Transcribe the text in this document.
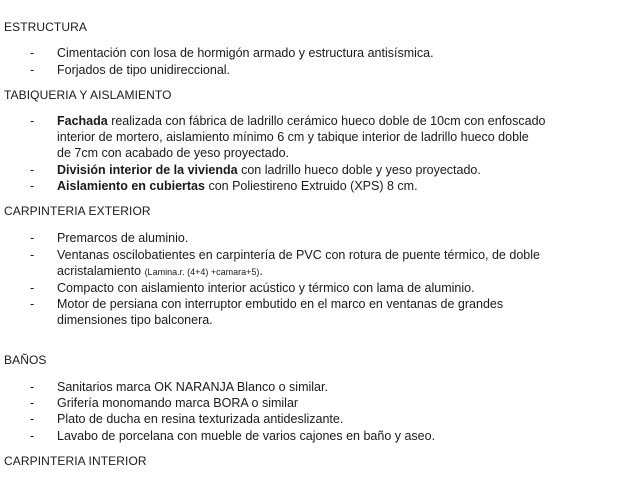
ESTRUCTURA
- Cimentación con losa de hormigón armado y estructura antisísmica.
- Forjados de tipo unidireccional.
TABIQUERIA Y AISLAMIENTO
- Fachada realizada con fábrica de ladrillo cerámico hueco doble de 10cm con enfoscado
interior de mortero, aislamiento mínimo 6 cm y tabique interior de ladrillo hueco doble
de 7cm con acabado de yeso proyectado.
- División interior de la vivienda con ladrillo hueco doble y yeso proyectado.
- Aislamiento en cubiertas con Poliestireno Extruido (XPS) 8 cm.
CARPINTERIA EXTERIOR
- Premarcos de aluminio.
- Ventanas oscilobatientes en carpintería de PVC con rotura de puente térmico, de doble
acristalamiento (Lamina.r. (4+4) +camara+5).
- Compacto con aislamiento interior acústico y térmico con lama de aluminio.
- Motor de persiana con interruptor embutido en el marco en ventanas de grandes
dimensiones tipo balconera.
BAÑOS
- Sanitarios marca OK NARANJA Blanco o similar.
- Grifería monomando marca BORA o similar
- Plato de ducha en resina texturizada antideslizante.
- Lavabo de porcelana con mueble de varios cajones en baño y aseo.
CARPINTERIA INTERIOR
